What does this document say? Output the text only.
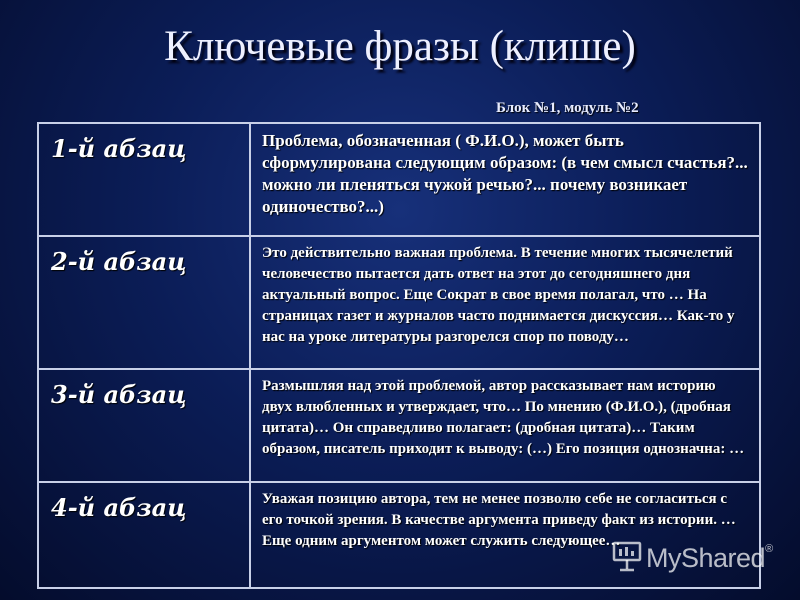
Ключевые фразы (клише)
Блок №1, модуль №2
1-й абзац	Проблема, обозначенная ( Ф.И.О.), может быть сформулирована следующим образом: (в чем смысл счастья?... можно ли пленяться чужой речью?... почему возникает одиночество?...)
2-й абзац	Это действительно важная проблема. В течение многих тысячелетий человечество пытается дать ответ на этот до сегодняшнего дня актуальный вопрос. Еще Сократ в свое время полагал, что … На страницах газет и журналов часто поднимается дискуссия… Как-то у нас на уроке литературы разгорелся спор по поводу…
3-й абзац	Размышляя над этой проблемой, автор рассказывает нам историю двух влюбленных и утверждает, что… По мнению (Ф.И.О.), (дробная цитата)… Он справедливо полагает: (дробная цитата)… Таким образом, писатель приходит к выводу: (…) Его позиция однозначна: …
4-й абзац	Уважая позицию автора, тем не менее позволю себе не согласиться с его точкой зрения. В качестве аргумента приведу факт из истории. … Еще одним аргументом может служить следующее…
MyShared®
